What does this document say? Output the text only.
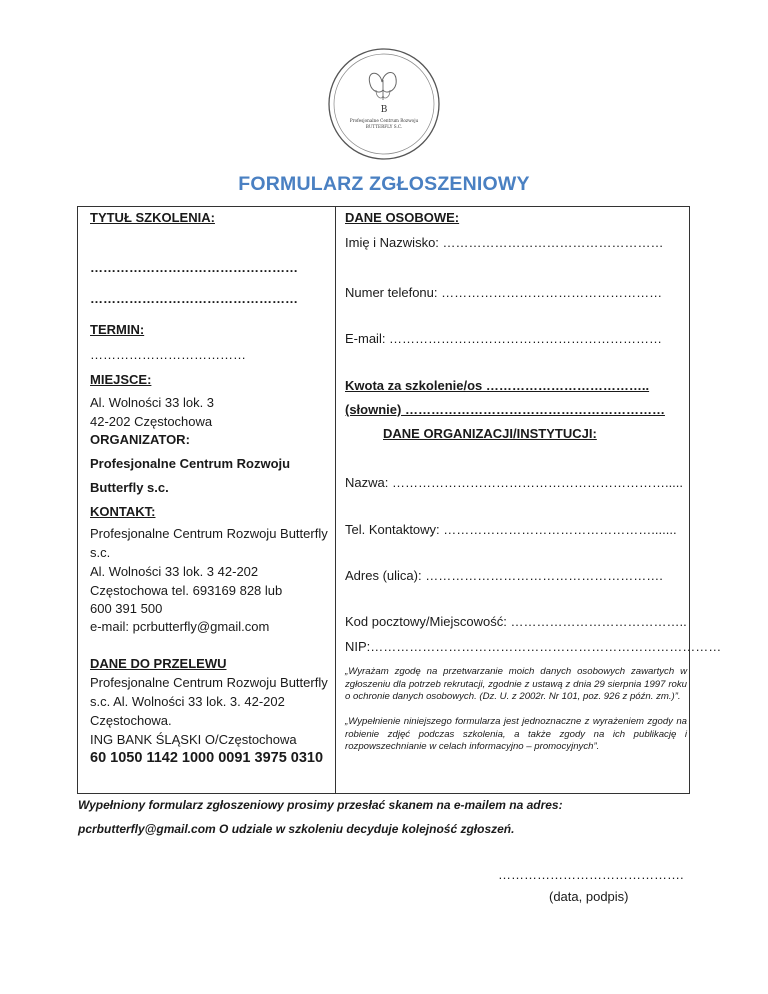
B
Profesjonalne Centrum Rozwoju
BUTTERFLY S.C.
FORMULARZ ZGŁOSZENIOWY
TYTUŁ SZKOLENIA:
…………………………………………
…………………………………………
TERMIN:
………………………………
MIEJSCE:
Al. Wolności 33 lok. 3
42-202 Częstochowa
ORGANIZATOR:
Profesjonalne Centrum Rozwoju
Butterfly s.c.
KONTAKT:
Profesjonalne Centrum Rozwoju Butterfly
s.c.
Al. Wolności 33 lok. 3 42-202
Częstochowa tel. 693169 828 lub
600 391 500
e-mail: pcrbutterfly@gmail.com
DANE DO PRZELEWU
Profesjonalne Centrum Rozwoju Butterfly
s.c. Al. Wolności 33 lok. 3. 42-202
Częstochowa.
ING BANK ŚLĄSKI O/Częstochowa
60 1050 1142 1000 0091 3975 0310
DANE OSOBOWE:
Imię i Nazwisko: ……………………………………………
Numer telefonu: ……………………………………………
E-mail: ………………………………………………………
Kwota za szkolenie/os ………………………………..
(słownie) ……………………………………………………
DANE ORGANIZACJI/INSTYTUCJI:
Nazwa: ……………………………………………………….....
Tel. Kontaktowy: ………………………………………….......
Adres (ulica): ……………………………………………….
Kod pocztowy/Miejscowość: …………………………………..
NIP:………………………………………………………………………
„Wyrażam zgodę na przetwarzanie moich danych osobowych zawartych w zgłoszeniu dla potrzeb rekrutacji, zgodnie z ustawą z dnia 29 sierpnia 1997 roku o ochronie danych osobowych. (Dz. U. z 2002r. Nr 101, poz. 926 z późn. zm.)”.
„Wypełnienie niniejszego formularza jest jednoznaczne z wyrażeniem zgody na robienie zdjęć podczas szkolenia, a także zgody na ich publikację i rozpowszechnianie w celach informacyjno – promocyjnych”.
Wypełniony formularz zgłoszeniowy prosimy przesłać skanem na e-mailem na adres:
pcrbutterfly@gmail.com O udziale w szkoleniu decyduje kolejność zgłoszeń.
…………………………………….
(data, podpis)
